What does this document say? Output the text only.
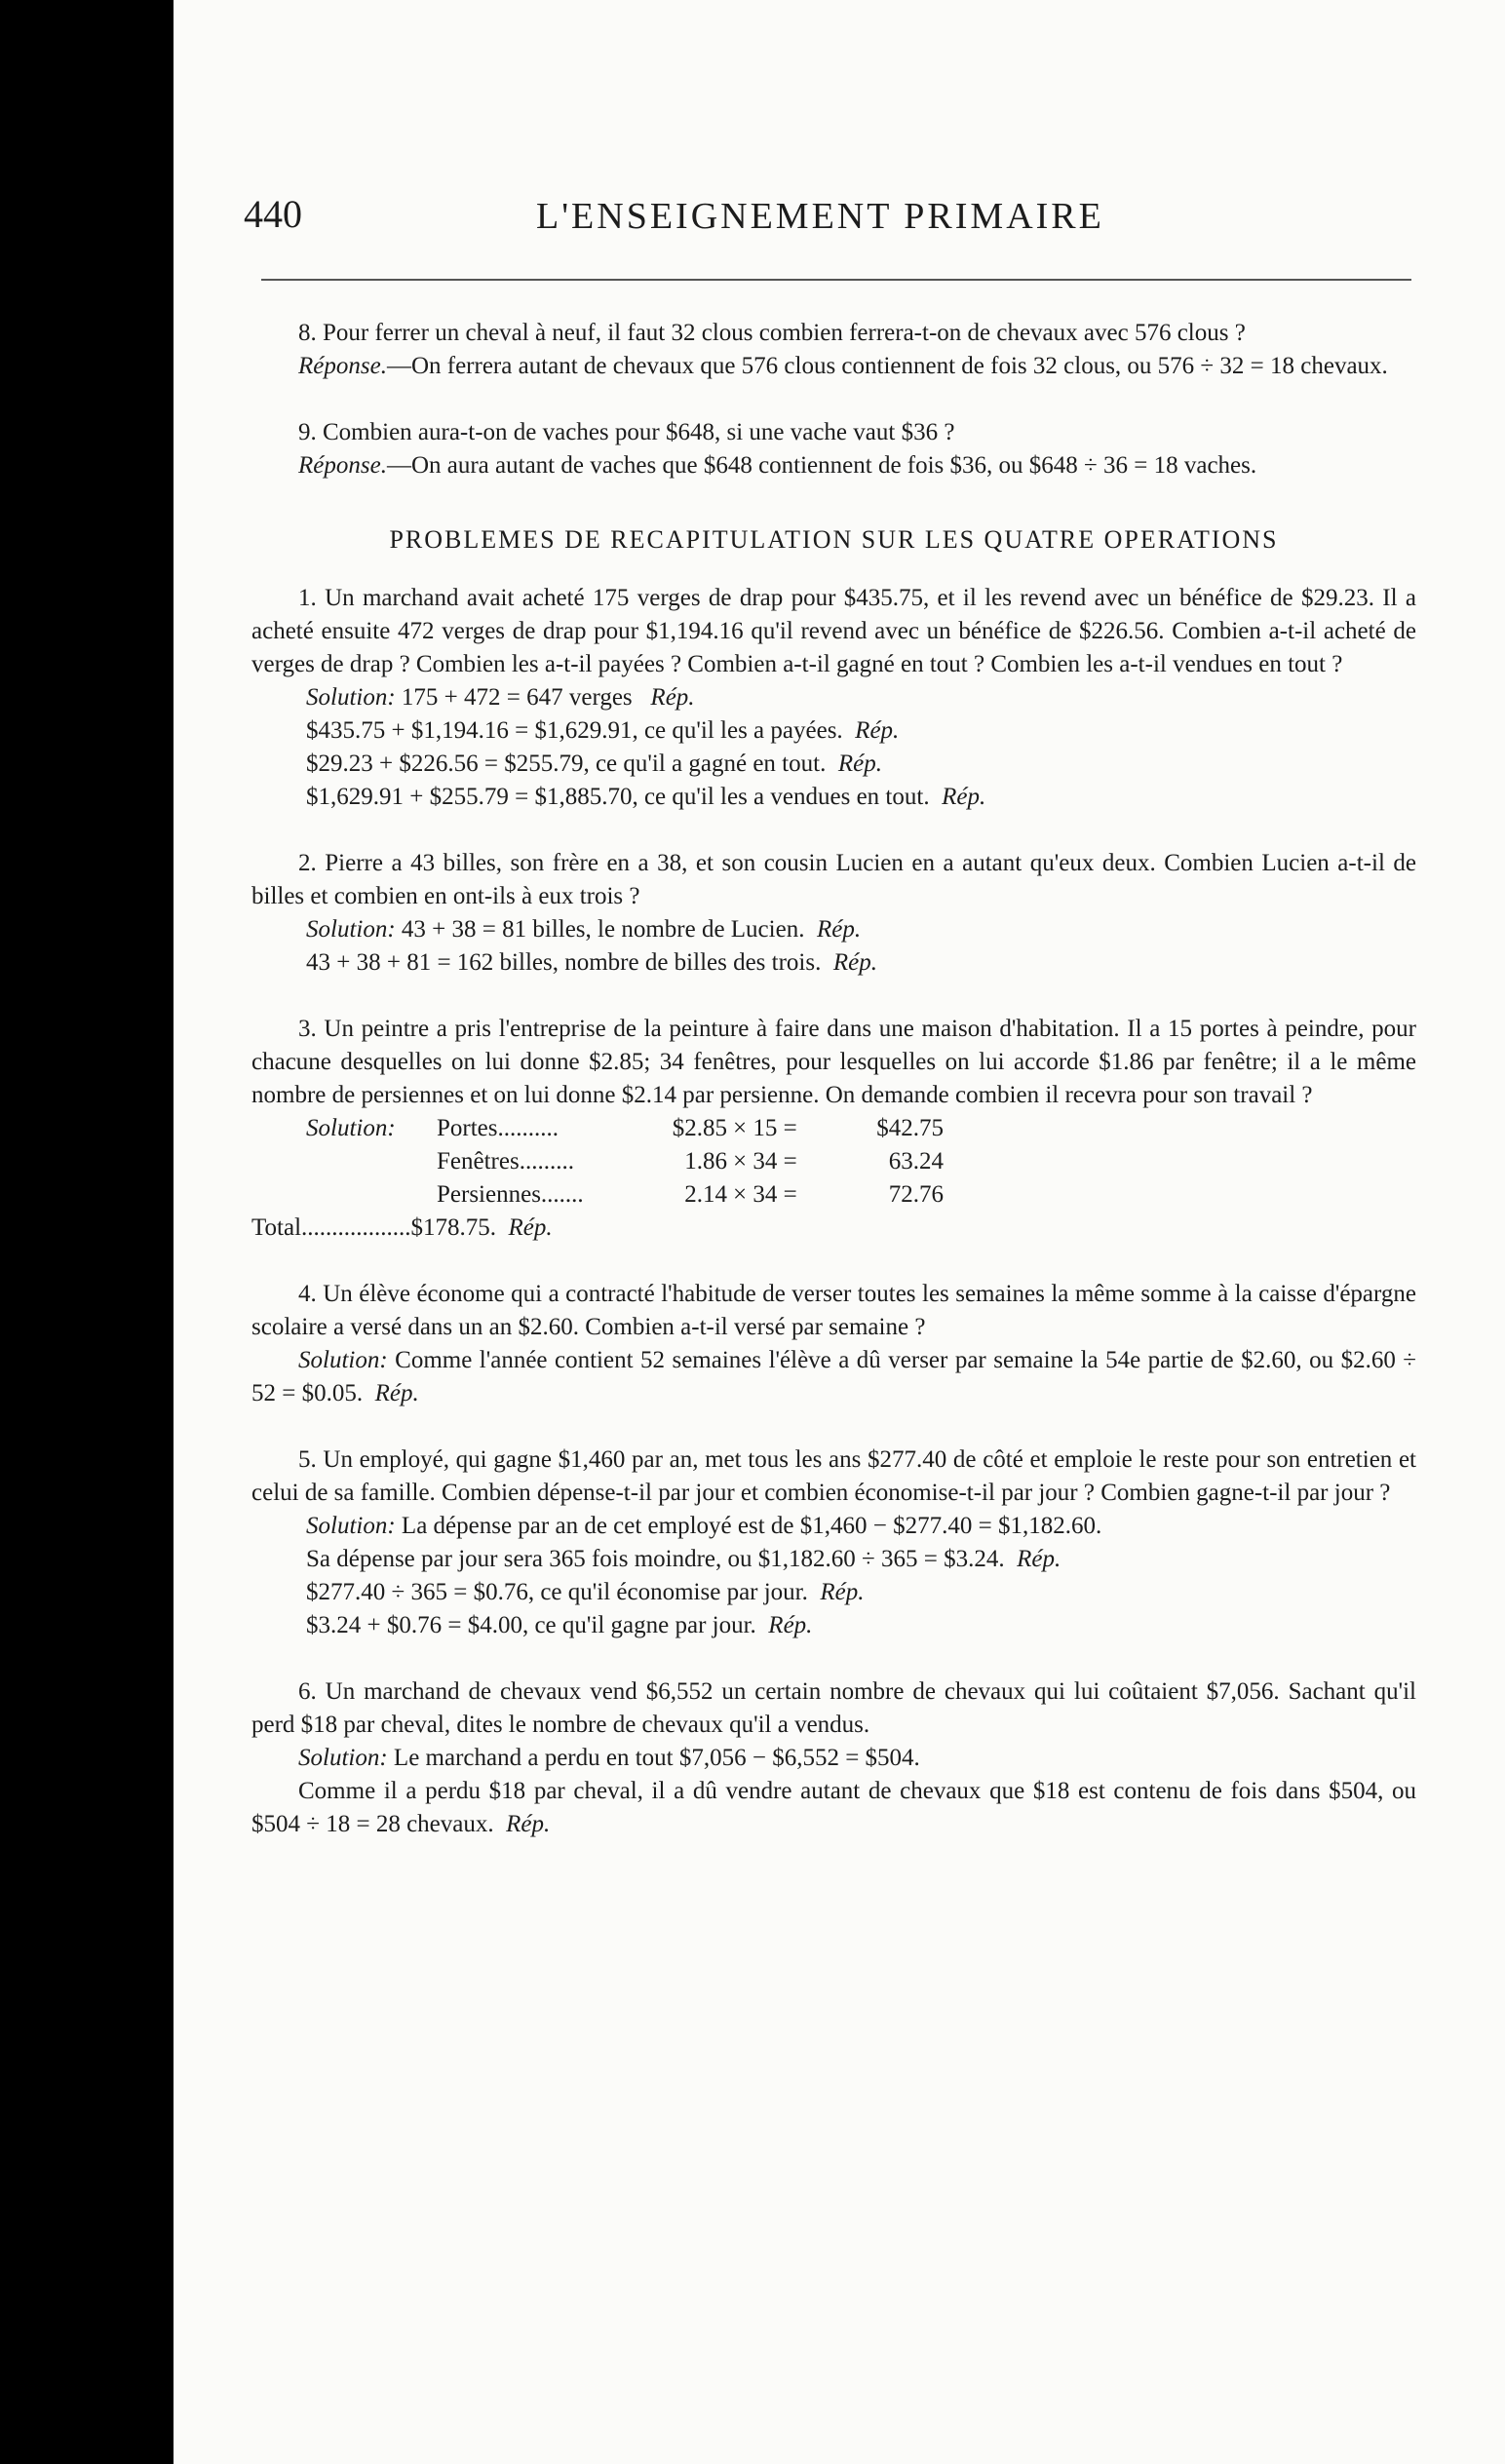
440	L'ENSEIGNEMENT PRIMAIRE

8. Pour ferrer un cheval à neuf, il faut 32 clous combien ferrera-t-on de chevaux avec 576 clous ?

Réponse.—On ferrera autant de chevaux que 576 clous contiennent de fois 32 clous, ou 576 ÷ 32 = 18 chevaux.

9. Combien aura-t-on de vaches pour $648, si une vache vaut $36 ?

Réponse.—On aura autant de vaches que $648 contiennent de fois $36, ou $648 ÷ 36 = 18 vaches.

PROBLEMES DE RECAPITULATION SUR LES QUATRE OPERATIONS

1. Un marchand avait acheté 175 verges de drap pour $435.75, et il les revend avec un bénéfice de $29.23. Il a acheté ensuite 472 verges de drap pour $1,194.16 qu'il revend avec un bénéfice de $226.56. Combien a-t-il acheté de verges de drap ? Combien les a-t-il payées ? Combien a-t-il gagné en tout ? Combien les a-t-il vendues en tout ?

Solution: 175 + 472 = 647 verges Rép.

$435.75 + $1,194.16 = $1,629.91, ce qu'il les a payées. Rép.

$29.23 + $226.56 = $255.79, ce qu'il a gagné en tout. Rép.

$1,629.91 + $255.79 = $1,885.70, ce qu'il les a vendues en tout. Rép.

2. Pierre a 43 billes, son frère en a 38, et son cousin Lucien en a autant qu'eux deux. Combien Lucien a-t-il de billes et combien en ont-ils à eux trois ?

Solution: 43 + 38 = 81 billes, le nombre de Lucien. Rép.

43 + 38 + 81 = 162 billes, nombre de billes des trois. Rép.

3. Un peintre a pris l'entreprise de la peinture à faire dans une maison d'habitation. Il a 15 portes à peindre, pour chacune desquelles on lui donne $2.85; 34 fenêtres, pour lesquelles on lui accorde $1.86 par fenêtre; il a le même nombre de persiennes et on lui donne $2.14 par persienne. On demande combien il recevra pour son travail ?

Solution:	Portes..........	$2.85	× 15 =	$42.75
	Fenêtres.........	1.86	× 34 =	63.24
	Persiennes.......	2.14	× 34 =	72.76

Total..................$178.75. Rép.

4. Un élève économe qui a contracté l'habitude de verser toutes les semaines la même somme à la caisse d'épargne scolaire a versé dans un an $2.60. Combien a-t-il versé par semaine ?

Solution: Comme l'année contient 52 semaines l'élève a dû verser par semaine la 54e partie de $2.60, ou $2.60 ÷ 52 = $0.05. Rép.

5. Un employé, qui gagne $1,460 par an, met tous les ans $277.40 de côté et emploie le reste pour son entretien et celui de sa famille. Combien dépense-t-il par jour et combien économise-t-il par jour ? Combien gagne-t-il par jour ?

Solution: La dépense par an de cet employé est de $1,460 − $277.40 = $1,182.60.

Sa dépense par jour sera 365 fois moindre, ou $1,182.60 ÷ 365 = $3.24. Rép.

$277.40 ÷ 365 = $0.76, ce qu'il économise par jour. Rép.

$3.24 + $0.76 = $4.00, ce qu'il gagne par jour. Rép.

6. Un marchand de chevaux vend $6,552 un certain nombre de chevaux qui lui coûtaient $7,056. Sachant qu'il perd $18 par cheval, dites le nombre de chevaux qu'il a vendus.

Solution: Le marchand a perdu en tout $7,056 − $6,552 = $504.

Comme il a perdu $18 par cheval, il a dû vendre autant de chevaux que $18 est contenu de fois dans $504, ou $504 ÷ 18 = 28 chevaux. Rép.
